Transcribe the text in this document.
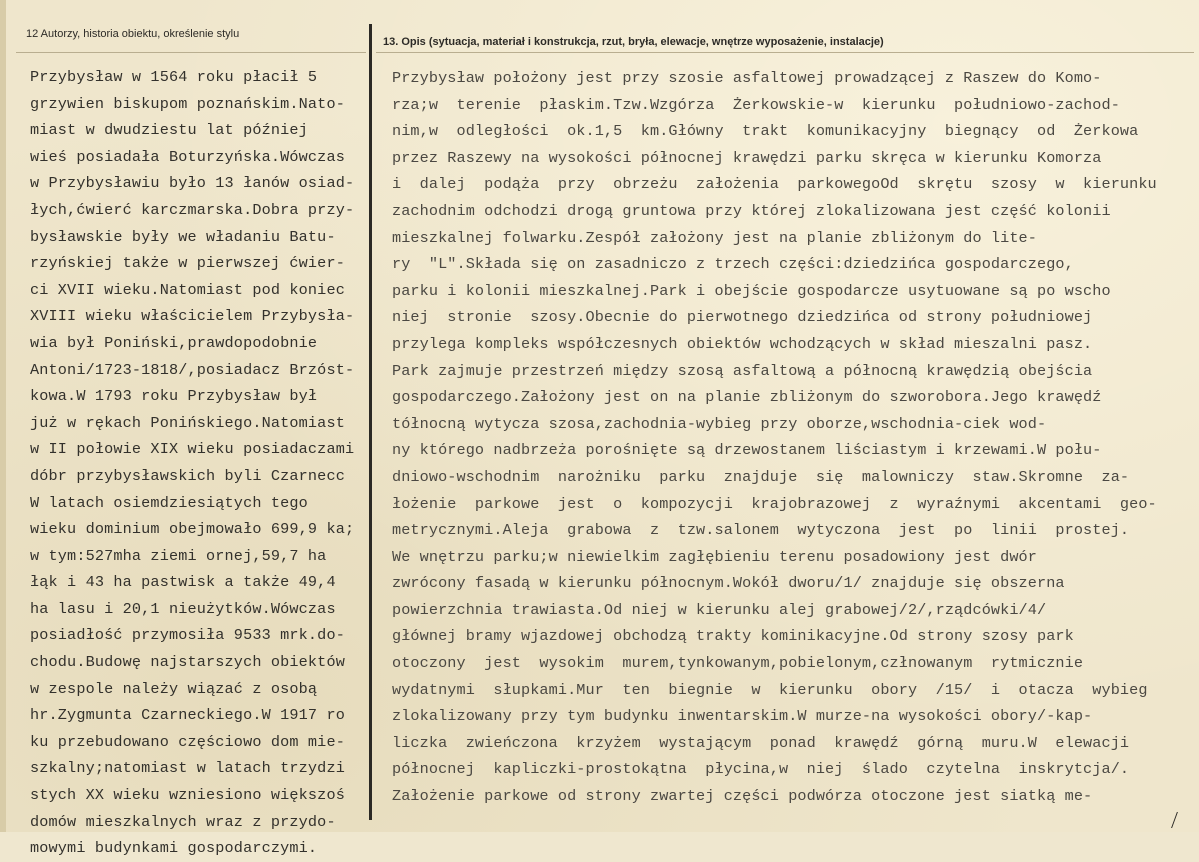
12 Autorzy, historia obiektu, określenie stylu
13. Opis (sytuacja, materiał i konstrukcja, rzut, bryła, elewacje, wnętrze wyposażenie, instalacje)
Przybysław w 1564 roku płacił 5
grzywien biskupom poznańskim.Nato-
miast w dwudziestu lat później
wieś posiadała Boturzyńska.Wówczas
w Przybysławiu było 13 łanów osiad-
łych,ćwierć karczmarska.Dobra przy-
bysławskie były we władaniu Batu-
rzyńskiej także w pierwszej ćwier-
ci XVII wieku.Natomiast pod koniec
XVIII wieku właścicielem Przybysła-
wia był Poniński,prawdopodobnie
Antoni/1723-1818/,posiadacz Brzóst-
kowa.W 1793 roku Przybysław był
już w rękach Ponińskiego.Natomiast
w II połowie XIX wieku posiadaczami
dóbr przybysławskich byli Czarnecc
W latach osiemdziesiątych tego
wieku dominium obejmowało 699,9 ka;
w tym:527mha ziemi ornej,59,7 ha
łąk i 43 ha pastwisk a także 49,4
ha lasu i 20,1 nieużytków.Wówczas
posiadłość przymosiła 9533 mrk.do-
chodu.Budowę najstarszych obiektów
w zespole należy wiązać z osobą
hr.Zygmunta Czarneckiego.W 1917 ro
ku przebudowano częściowo dom mie-
szkalny;natomiast w latach trzydzi
stych XX wieku wzniesiono większoś
domów mieszkalnych wraz z przydo-
mowymi budynkami gospodarczymi.
Przybysław położony jest przy szosie asfaltowej prowadzącej z Raszew do Komo-
rza;w  terenie  płaskim.Tzw.Wzgórza  Żerkowskie-w  kierunku  południowo-zachod-
nim,w  odległości  ok.1,5  km.Główny  trakt  komunikacyjny  biegnący  od  Żerkowa
przez Raszewy na wysokości północnej krawędzi parku skręca w kierunku Komorza
i  dalej  podąża  przy  obrzeżu  założenia  parkowegoOd  skrętu  szosy  w  kierunku
zachodnim odchodzi drogą gruntowa przy której zlokalizowana jest część kolonii
mieszkalnej folwarku.Zespół założony jest na planie zbliżonym do lite-
ry  "L".Składa się on zasadniczo z trzech części:dziedzińca gospodarczego,
parku i kolonii mieszkalnej.Park i obejście gospodarcze usytuowane są po wscho
niej  stronie  szosy.Obecnie do pierwotnego dziedzińca od strony południowej
przylega kompleks współczesnych obiektów wchodzących w skład mieszalni pasz.
Park zajmuje przestrzeń między szosą asfaltową a północną krawędzią obejścia
gospodarczego.Założony jest on na planie zbliżonym do szworobora.Jego krawędź
tółnocną wytycza szosa,zachodnia-wybieg przy oborze,wschodnia-ciek wod-
ny którego nadbrzeża porośnięte są drzewostanem liściastym i krzewami.W połu-
dniowo-wschodnim  narożniku  parku  znajduje  się  malowniczy  staw.Skromne  za-
łożenie  parkowe  jest  o  kompozycji  krajobrazowej  z  wyraźnymi  akcentami  geo-
metrycznymi.Aleja  grabowa  z  tzw.salonem  wytyczona  jest  po  linii  prostej.
We wnętrzu parku;w niewielkim zagłębieniu terenu posadowiony jest dwór
zwrócony fasadą w kierunku północnym.Wokół dworu/1/ znajduje się obszerna
powierzchnia trawiasta.Od niej w kierunku alej grabowej/2/,rządcówki/4/
głównej bramy wjazdowej obchodzą trakty kominikacyjne.Od strony szosy park
otoczony  jest  wysokim  murem,tynkowanym,pobielonym,człnowanym  rytmicznie
wydatnymi  słupkami.Mur  ten  biegnie  w  kierunku  obory  /15/  i  otacza  wybieg
zlokalizowany przy tym budynku inwentarskim.W murze-na wysokości obory/-kap-
liczka  zwieńczona  krzyżem  wystającym  ponad  krawędź  górną  muru.W  elewacji
północnej  kapliczki-prostokątna  płycina,w  niej  ślado  czytelna  inskrytcja/.
Założenie parkowe od strony zwartej części podwórza otoczone jest siatką me-
